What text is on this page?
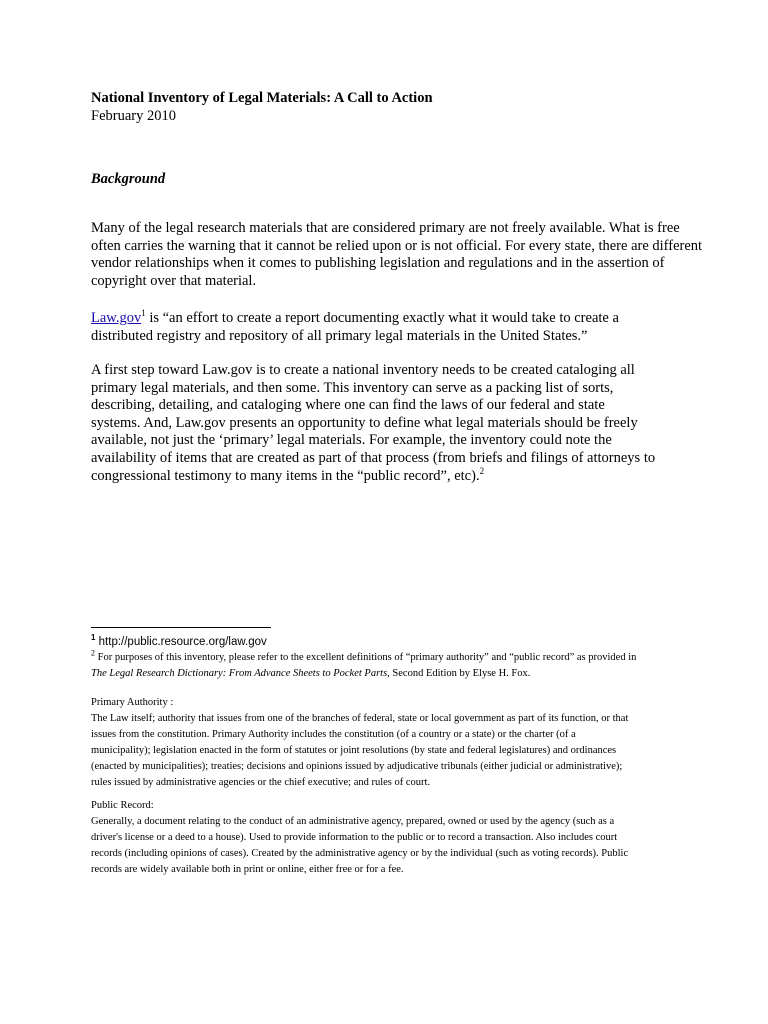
National Inventory of Legal Materials: A Call to Action
February 2010
Background
Many of the legal research materials that are considered primary are not freely available. What is free
often carries the warning that it cannot be relied upon or is not official. For every state, there are different
vendor relationships when it comes to publishing legislation and regulations and in the assertion of
copyright over that material.
Law.gov$^1$ is “an effort to create a report documenting exactly what it would take to create a
distributed registry and repository of all primary legal materials in the United States.”
A first step toward Law.gov is to create a national inventory needs to be created cataloging all
primary legal materials, and then some. This inventory can serve as a packing list of sorts,
describing, detailing, and cataloging where one can find the laws of our federal and state
systems. And, Law.gov presents an opportunity to define what legal materials should be freely
available, not just the ‘primary’ legal materials. For example, the inventory could note the
availability of items that are created as part of that process (from briefs and filings of attorneys to
congressional testimony to many items in the “public record”, etc).$^2$
$^1$ http://public.resource.org/law.gov
$^2$ For purposes of this inventory, please refer to the excellent definitions of “primary authority” and “public record” as provided in
The Legal Research Dictionary: From Advance Sheets to Pocket Parts, Second Edition by Elyse H. Fox.
Primary Authority :
The Law itself; authority that issues from one of the branches of federal, state or local government as part of its function, or that
issues from the constitution. Primary Authority includes the constitution (of a country or a state) or the charter (of a
municipality); legislation enacted in the form of statutes or joint resolutions (by state and federal legislatures) and ordinances
(enacted by municipalities); treaties; decisions and opinions issued by adjudicative tribunals (either judicial or administrative);
rules issued by administrative agencies or the chief executive; and rules of court.
Public Record:
Generally, a document relating to the conduct of an administrative agency, prepared, owned or used by the agency (such as a
driver's license or a deed to a house). Used to provide information to the public or to record a transaction. Also includes court
records (including opinions of cases). Created by the administrative agency or by the individual (such as voting records). Public
records are widely available both in print or online, either free or for a fee.
